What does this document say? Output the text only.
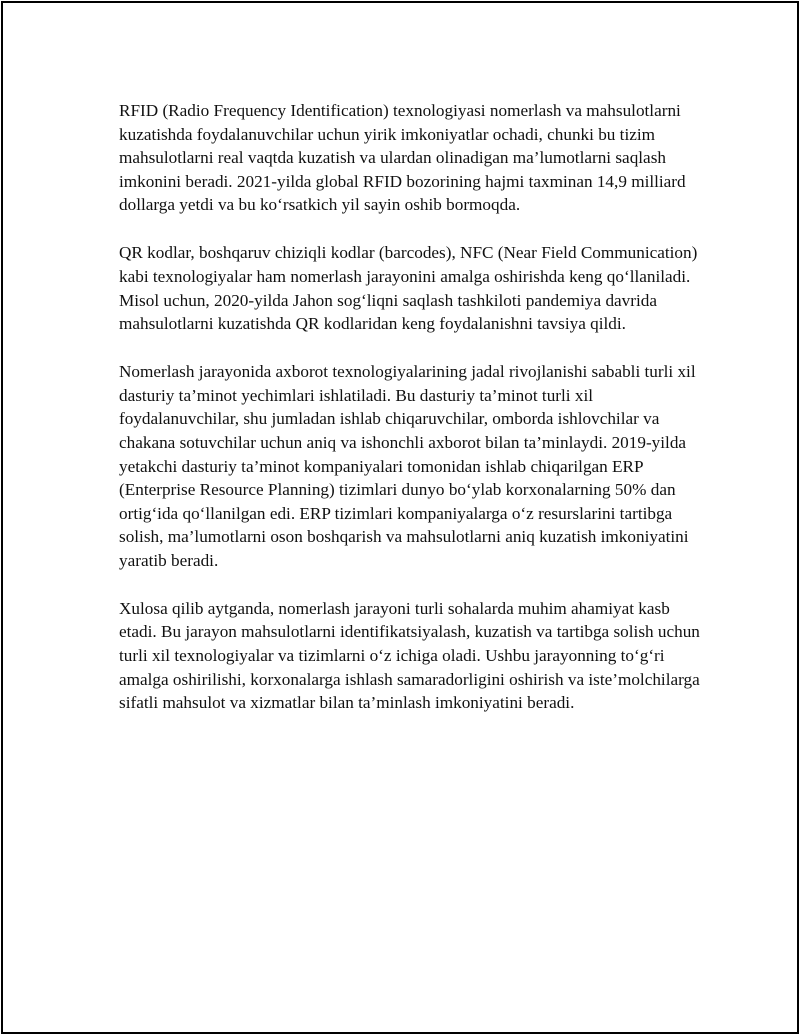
RFID (Radio Frequency Identification) texnologiyasi nomerlash va mahsulotlarni kuzatishda foydalanuvchilar uchun yirik imkoniyatlar ochadi, chunki bu tizim mahsulotlarni real vaqtda kuzatish va ulardan olinadigan ma’lumotlarni saqlash imkonini beradi. 2021-yilda global RFID bozorining hajmi taxminan 14,9 milliard dollarga yetdi va bu ko‘rsatkich yil sayin oshib bormoqda.

QR kodlar, boshqaruv chiziqli kodlar (barcodes), NFC (Near Field Communication) kabi texnologiyalar ham nomerlash jarayonini amalga oshirishda keng qo‘llaniladi. Misol uchun, 2020-yilda Jahon sog‘liqni saqlash tashkiloti pandemiya davrida mahsulotlarni kuzatishda QR kodlaridan keng foydalanishni tavsiya qildi.

Nomerlash jarayonida axborot texnologiyalarining jadal rivojlanishi sababli turli xil dasturiy ta’minot yechimlari ishlatiladi. Bu dasturiy ta’minot turli xil foydalanuvchilar, shu jumladan ishlab chiqaruvchilar, omborda ishlovchilar va chakana sotuvchilar uchun aniq va ishonchli axborot bilan ta’minlaydi. 2019-yilda yetakchi dasturiy ta’minot kompaniyalari tomonidan ishlab chiqarilgan ERP (Enterprise Resource Planning) tizimlari dunyo bo‘ylab korxonalarning 50% dan ortig‘ida qo‘llanilgan edi. ERP tizimlari kompaniyalarga o‘z resurslarini tartibga solish, ma’lumotlarni oson boshqarish va mahsulotlarni aniq kuzatish imkoniyatini yaratib beradi.

Xulosa qilib aytganda, nomerlash jarayoni turli sohalarda muhim ahamiyat kasb etadi. Bu jarayon mahsulotlarni identifikatsiyalash, kuzatish va tartibga solish uchun turli xil texnologiyalar va tizimlarni o‘z ichiga oladi. Ushbu jarayonning to‘g‘ri amalga oshirilishi, korxonalarga ishlash samaradorligini oshirish va iste’molchilarga sifatli mahsulot va xizmatlar bilan ta’minlash imkoniyatini beradi.
